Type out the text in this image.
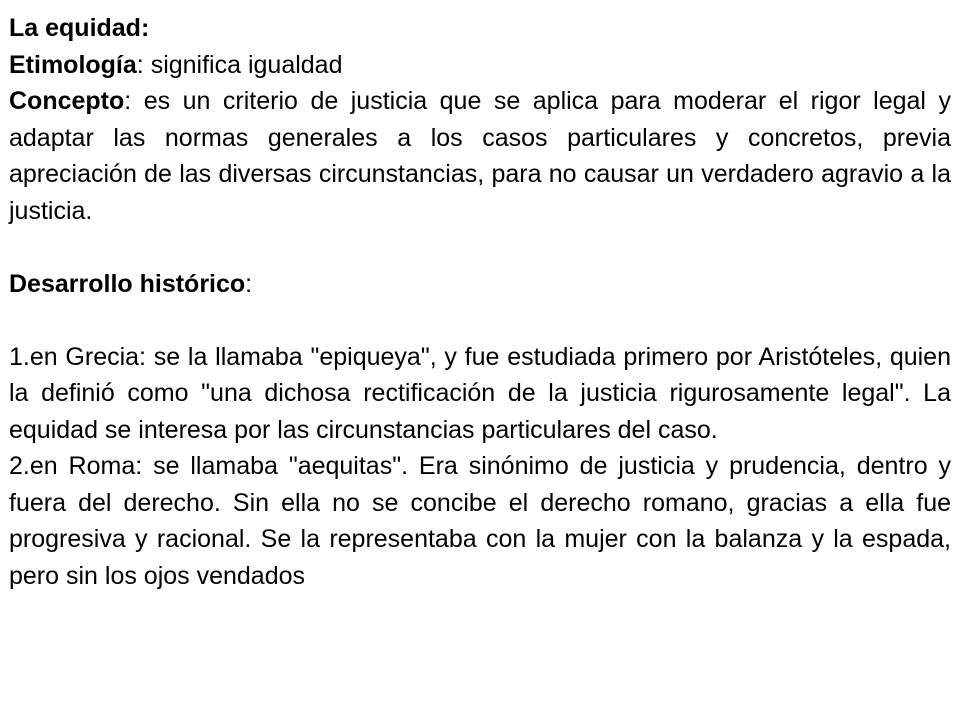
La equidad:

Etimología: significa igualdad

Concepto: es un criterio de justicia que se aplica para moderar el rigor legal y adaptar las normas generales a los casos particulares y concretos, previa apreciación de las diversas circunstancias, para no causar un verdadero agravio a la justicia.

Desarrollo histórico:

1.en Grecia: se la llamaba "epiqueya", y fue estudiada primero por Aristóteles, quien la definió como "una dichosa rectificación de la justicia rigurosamente legal". La equidad se interesa por las circunstancias particulares del caso.

2.en Roma: se llamaba "aequitas". Era sinónimo de justicia y prudencia, dentro y fuera del derecho. Sin ella no se concibe el derecho romano, gracias a ella fue progresiva y racional. Se la representaba con la mujer con la balanza y la espada, pero sin los ojos vendados
